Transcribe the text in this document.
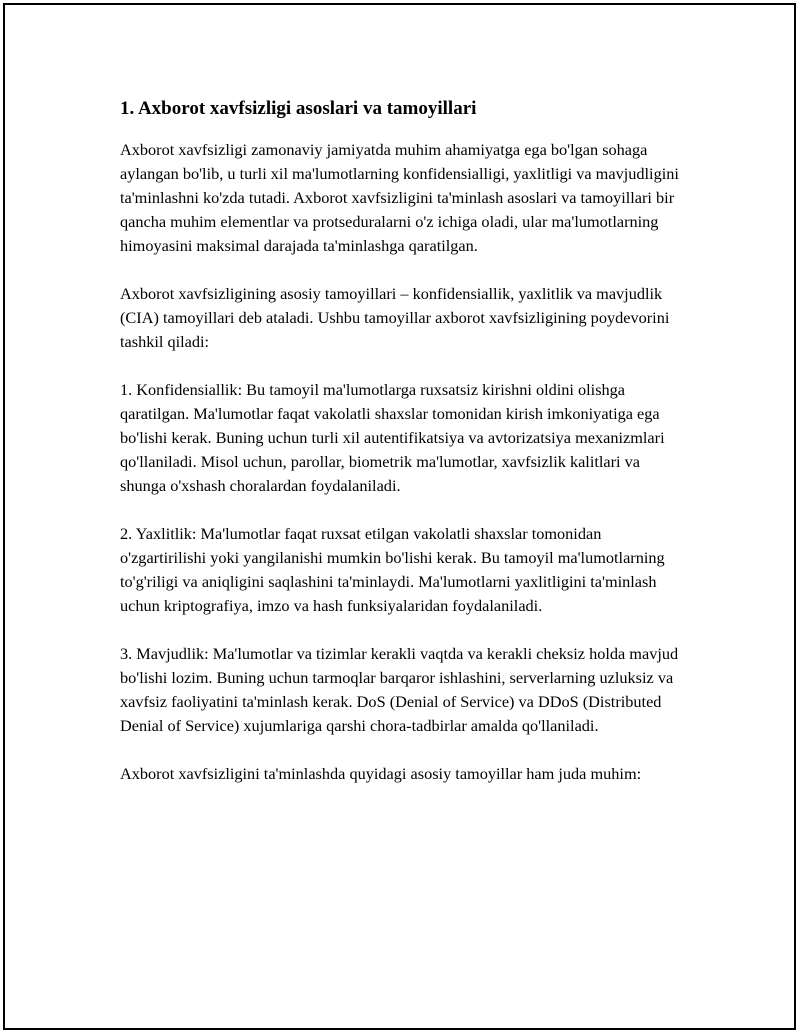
1. Axborot xavfsizligi asoslari va tamoyillari

Axborot xavfsizligi zamonaviy jamiyatda muhim ahamiyatga ega bo'lgan sohaga aylangan bo'lib, u turli xil ma'lumotlarning konfidensialligi, yaxlitligi va mavjudligini ta'minlashni ko'zda tutadi. Axborot xavfsizligini ta'minlash asoslari va tamoyillari bir qancha muhim elementlar va protseduralarni o'z ichiga oladi, ular ma'lumotlarning himoyasini maksimal darajada ta'minlashga qaratilgan.

Axborot xavfsizligining asosiy tamoyillari – konfidensiallik, yaxlitlik va mavjudlik (CIA) tamoyillari deb ataladi. Ushbu tamoyillar axborot xavfsizligining poydevorini tashkil qiladi:

1. Konfidensiallik: Bu tamoyil ma'lumotlarga ruxsatsiz kirishni oldini olishga qaratilgan. Ma'lumotlar faqat vakolatli shaxslar tomonidan kirish imkoniyatiga ega bo'lishi kerak. Buning uchun turli xil autentifikatsiya va avtorizatsiya mexanizmlari qo'llaniladi. Misol uchun, parollar, biometrik ma'lumotlar, xavfsizlik kalitlari va shunga o'xshash choralardan foydalaniladi.

2. Yaxlitlik: Ma'lumotlar faqat ruxsat etilgan vakolatli shaxslar tomonidan o'zgartirilishi yoki yangilanishi mumkin bo'lishi kerak. Bu tamoyil ma'lumotlarning to'g'riligi va aniqligini saqlashini ta'minlaydi. Ma'lumotlarni yaxlitligini ta'minlash uchun kriptografiya, imzo va hash funksiyalaridan foydalaniladi.

3. Mavjudlik: Ma'lumotlar va tizimlar kerakli vaqtda va kerakli cheksiz holda mavjud bo'lishi lozim. Buning uchun tarmoqlar barqaror ishlashini, serverlarning uzluksiz va xavfsiz faoliyatini ta'minlash kerak. DoS (Denial of Service) va DDoS (Distributed Denial of Service) xujumlariga qarshi chora-tadbirlar amalda qo'llaniladi.

Axborot xavfsizligini ta'minlashda quyidagi asosiy tamoyillar ham juda muhim:
